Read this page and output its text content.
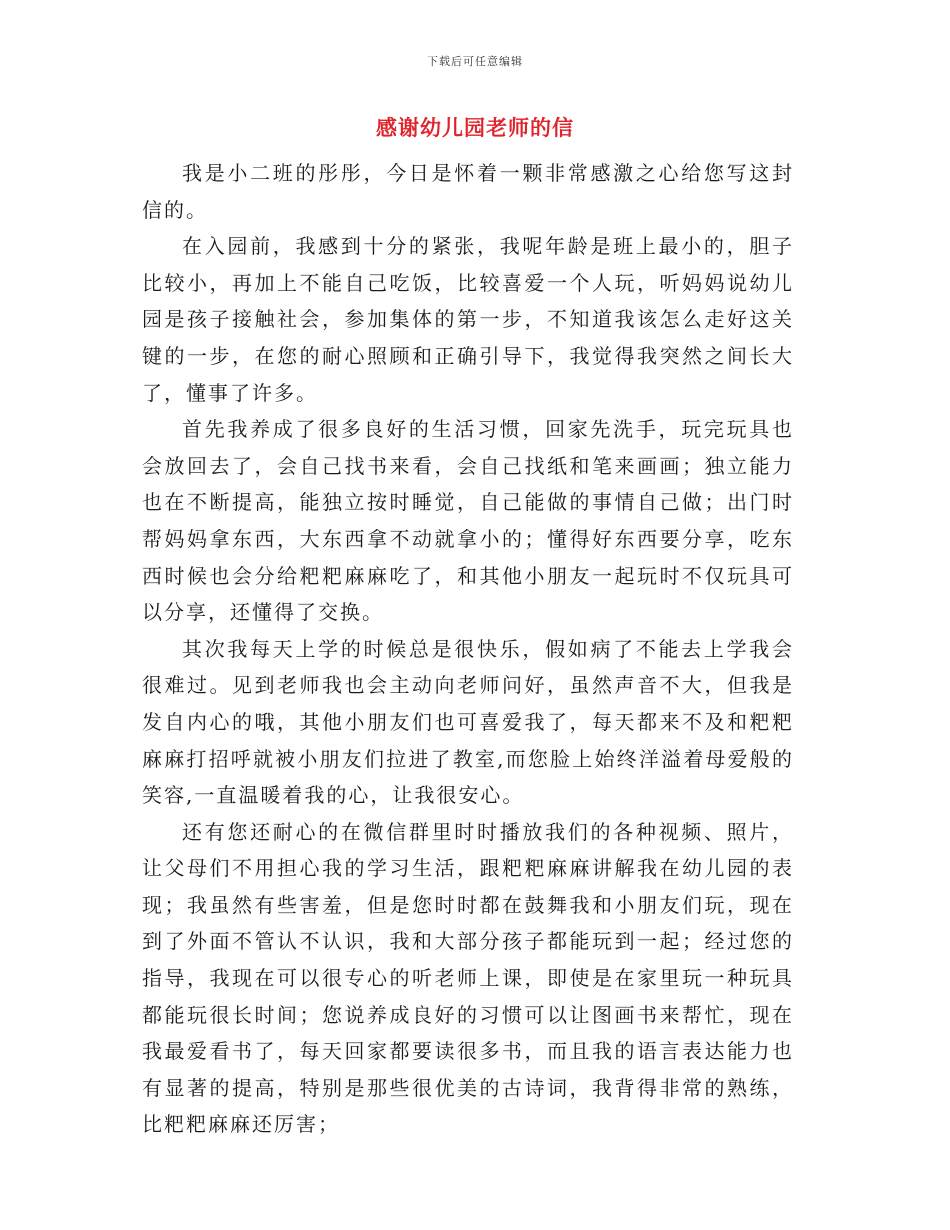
下载后可任意编辑
感谢幼儿园老师的信

我是小二班的彤彤，今日是怀着一颗非常感激之心给您写这封信的。

在入园前，我感到十分的紧张，我呢年龄是班上最小的，胆子比较小，再加上不能自己吃饭，比较喜爱一个人玩，听妈妈说幼儿园是孩子接触社会，参加集体的第一步，不知道我该怎么走好这关键的一步，在您的耐心照顾和正确引导下，我觉得我突然之间长大了，懂事了许多。

首先我养成了很多良好的生活习惯，回家先洗手，玩完玩具也会放回去了，会自己找书来看，会自己找纸和笔来画画；独立能力也在不断提高，能独立按时睡觉，自己能做的事情自己做；出门时帮妈妈拿东西，大东西拿不动就拿小的；懂得好东西要分享，吃东西时候也会分给粑粑麻麻吃了，和其他小朋友一起玩时不仅玩具可以分享，还懂得了交换。

其次我每天上学的时候总是很快乐，假如病了不能去上学我会很难过。见到老师我也会主动向老师问好，虽然声音不大，但我是发自内心的哦，其他小朋友们也可喜爱我了，每天都来不及和粑粑麻麻打招呼就被小朋友们拉进了教室,而您脸上始终洋溢着母爱般的笑容,一直温暖着我的心，让我很安心。

还有您还耐心的在微信群里时时播放我们的各种视频、照片，让父母们不用担心我的学习生活，跟粑粑麻麻讲解我在幼儿园的表现；我虽然有些害羞，但是您时时都在鼓舞我和小朋友们玩，现在到了外面不管认不认识，我和大部分孩子都能玩到一起；经过您的指导，我现在可以很专心的听老师上课，即使是在家里玩一种玩具都能玩很长时间；您说养成良好的习惯可以让图画书来帮忙，现在我最爱看书了，每天回家都要读很多书，而且我的语言表达能力也有显著的提高，特别是那些很优美的古诗词，我背得非常的熟练，比粑粑麻麻还厉害；
